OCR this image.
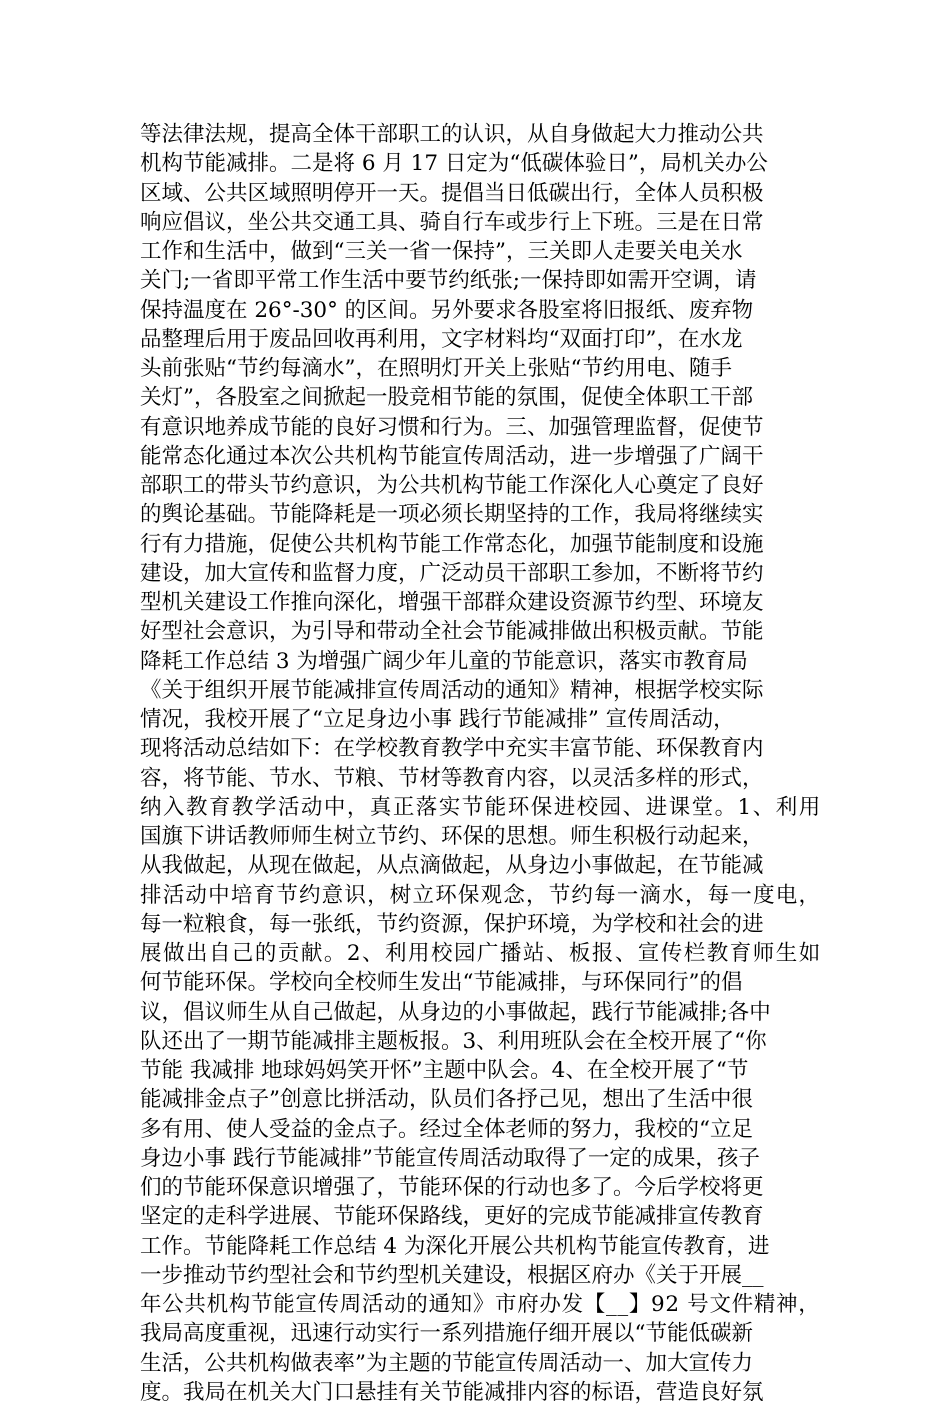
等法律法规，提高全体干部职工的认识，从自身做起大力推动公共
机构节能减排。二是将 6 月 17 日定为“低碳体验日”，局机关办公
区域、公共区域照明停开一天。提倡当日低碳出行，全体人员积极
响应倡议，坐公共交通工具、骑自行车或步行上下班。三是在日常
工作和生活中，做到“三关一省一保持”，三关即人走要关电关水
关门;一省即平常工作生活中要节约纸张;一保持即如需开空调，请
保持温度在 26°-30° 的区间。另外要求各股室将旧报纸、废弃物
品整理后用于废品回收再利用，文字材料均“双面打印”，在水龙
头前张贴“节约每滴水”，在照明灯开关上张贴“节约用电、随手
关灯”，各股室之间掀起一股竞相节能的氛围，促使全体职工干部
有意识地养成节能的良好习惯和行为。三、加强管理监督，促使节
能常态化通过本次公共机构节能宣传周活动，进一步增强了广阔干
部职工的带头节约意识，为公共机构节能工作深化人心奠定了良好
的舆论基础。节能降耗是一项必须长期坚持的工作，我局将继续实
行有力措施，促使公共机构节能工作常态化，加强节能制度和设施
建设，加大宣传和监督力度，广泛动员干部职工参加，不断将节约
型机关建设工作推向深化，增强干部群众建设资源节约型、环境友
好型社会意识，为引导和带动全社会节能减排做出积极贡献。节能
降耗工作总结 3 为增强广阔少年儿童的节能意识，落实市教育局
《关于组织开展节能减排宣传周活动的通知》精神，根据学校实际
情况，我校开展了“立足身边小事 践行节能减排” 宣传周活动，
现将活动总结如下：在学校教育教学中充实丰富节能、环保教育内
容，将节能、节水、节粮、节材等教育内容，以灵活多样的形式，
纳入教育教学活动中，真正落实节能环保进校园、进课堂。1、利用
国旗下讲话教师师生树立节约、环保的思想。师生积极行动起来，
从我做起，从现在做起，从点滴做起，从身边小事做起，在节能减
排活动中培育节约意识，树立环保观念，节约每一滴水，每一度电，
每一粒粮食，每一张纸，节约资源，保护环境，为学校和社会的进
展做出自己的贡献。2、利用校园广播站、板报、宣传栏教育师生如
何节能环保。学校向全校师生发出“节能减排，与环保同行”的倡
议，倡议师生从自己做起，从身边的小事做起，践行节能减排;各中
队还出了一期节能减排主题板报。3、利用班队会在全校开展了“你
节能 我减排 地球妈妈笑开怀”主题中队会。4、在全校开展了“节
能减排金点子”创意比拼活动，队员们各抒己见，想出了生活中很
多有用、使人受益的金点子。经过全体老师的努力，我校的“立足
身边小事 践行节能减排”节能宣传周活动取得了一定的成果，孩子
们的节能环保意识增强了，节能环保的行动也多了。今后学校将更
坚定的走科学进展、节能环保路线，更好的完成节能减排宣传教育
工作。节能降耗工作总结 4 为深化开展公共机构节能宣传教育，进
一步推动节约型社会和节约型机关建设，根据区府办《关于开展__
年公共机构节能宣传周活动的通知》市府办发【__】92 号文件精神，
我局高度重视，迅速行动实行一系列措施仔细开展以“节能低碳新
生活，公共机构做表率”为主题的节能宣传周活动一、加大宣传力
度。我局在机关大门口悬挂有关节能减排内容的标语，营造良好氛
